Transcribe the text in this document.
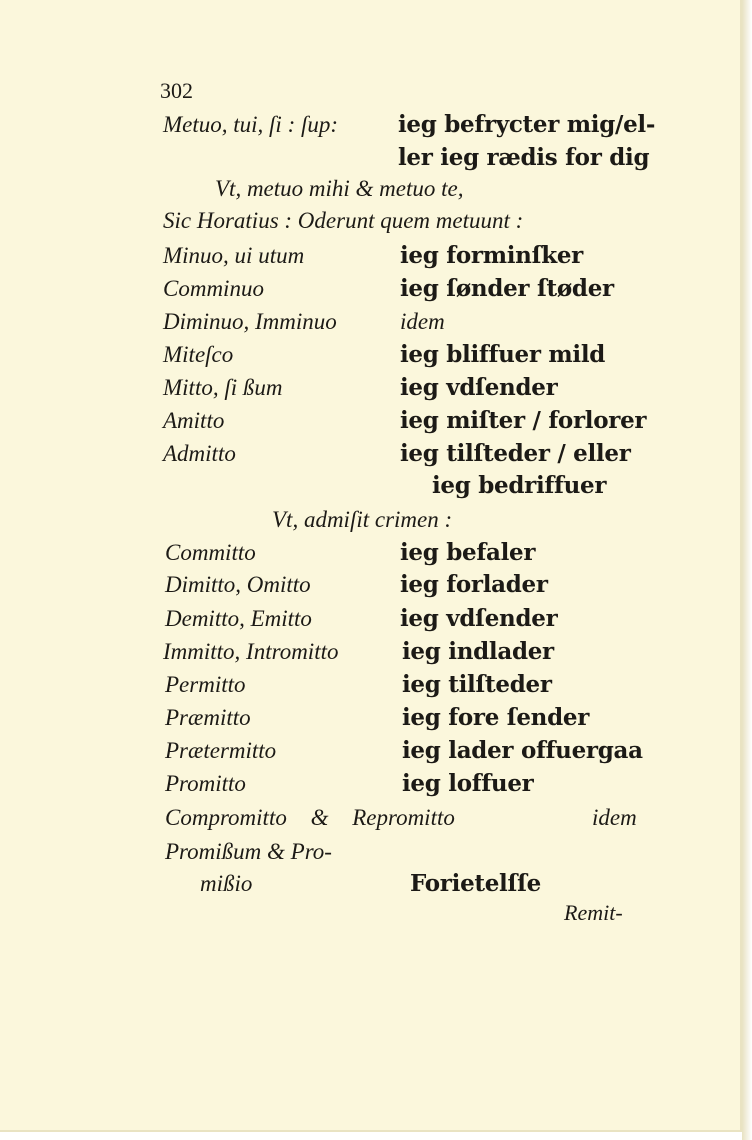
302
Metuo, tui, ſi : ſup:	ieg befrycter mig/el-
ler ieg rædis for dig
Vt, metuo mihi & metuo te,
Sic Horatius : Oderunt quem metuunt :
Minuo, ui utum	ieg forminſker
Comminuo	ieg ſønder ſtøder
Diminuo, Imminuo	idem
Miteſco	ieg bliffuer mild
Mitto, ſi ßum	ieg vdſender
Amitto	ieg miſter / forlorer
Admitto	ieg tilſteder / eller
ieg bedriffuer
Vt, admiſit crimen :
Committo	ieg befaler
Dimitto, Omitto	ieg forlader
Demitto, Emitto	ieg vdſender
Immitto, Intromitto	ieg indlader
Permitto	ieg tilſteder
Præmitto	ieg fore ſender
Prætermitto	ieg lader offuergaa
Promitto	ieg loffuer
Compromitto & Repromitto	idem
Promißum & Pro-
mißio	Forietelſſe
Remit-
